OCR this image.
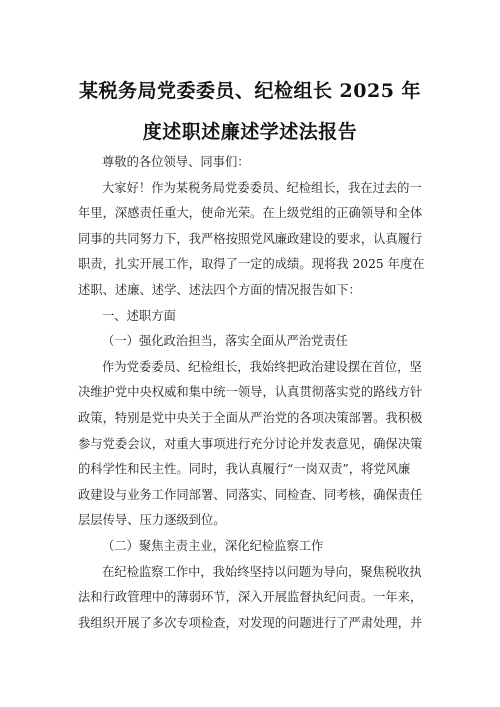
某税务局党委委员、纪检组长 2025 年
度述职述廉述学述法报告
尊敬的各位领导、同事们：
大家好！作为某税务局党委委员、纪检组长，我在过去的一
年里，深感责任重大，使命光荣。在上级党组的正确领导和全体
同事的共同努力下，我严格按照党风廉政建设的要求，认真履行
职责，扎实开展工作，取得了一定的成绩。现将我 2025 年度在
述职、述廉、述学、述法四个方面的情况报告如下：
一、述职方面
（一）强化政治担当，落实全面从严治党责任
作为党委委员、纪检组长，我始终把政治建设摆在首位，坚
决维护党中央权威和集中统一领导，认真贯彻落实党的路线方针
政策，特别是党中央关于全面从严治党的各项决策部署。我积极
参与党委会议，对重大事项进行充分讨论并发表意见，确保决策
的科学性和民主性。同时，我认真履行“一岗双责”，将党风廉
政建设与业务工作同部署、同落实、同检查、同考核，确保责任
层层传导、压力逐级到位。
（二）聚焦主责主业，深化纪检监察工作
在纪检监察工作中，我始终坚持以问题为导向，聚焦税收执
法和行政管理中的薄弱环节，深入开展监督执纪问责。一年来，
我组织开展了多次专项检查，对发现的问题进行了严肃处理，并
